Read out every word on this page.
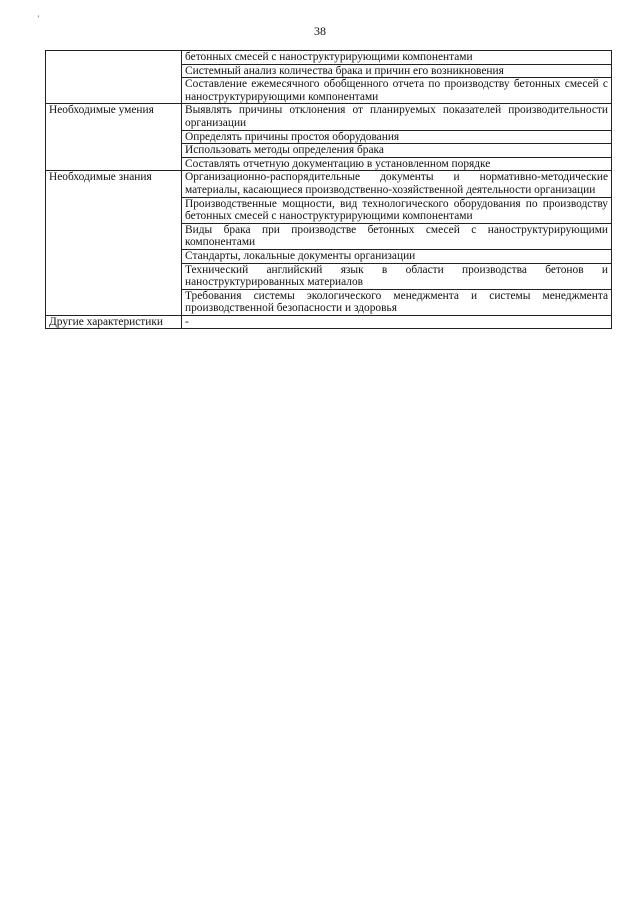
ʼ
38
	бетонных смесей с наноструктурирующими компонентами
	Системный анализ количества брака и причин его возникновения
	Составление ежемесячного обобщенного отчета по производству бетонных смесей с наноструктурирующими компонентами
Необходимые умения	Выявлять причины отклонения от планируемых показателей производительности организации
	Определять причины простоя оборудования
	Использовать методы определения брака
	Составлять отчетную документацию в установленном порядке
Необходимые знания	Организационно-распорядительные документы и нормативно-методические материалы, касающиеся производственно-хозяйственной деятельности организации
	Производственные мощности, вид технологического оборудования по производству бетонных смесей с наноструктурирующими компонентами
	Виды брака при производстве бетонных смесей с наноструктурирующими компонентами
	Стандарты, локальные документы организации
	Технический английский язык в области производства бетонов и наноструктурированных материалов
	Требования системы экологического менеджмента и системы менеджмента производственной безопасности и здоровья
Другие характеристики	-
